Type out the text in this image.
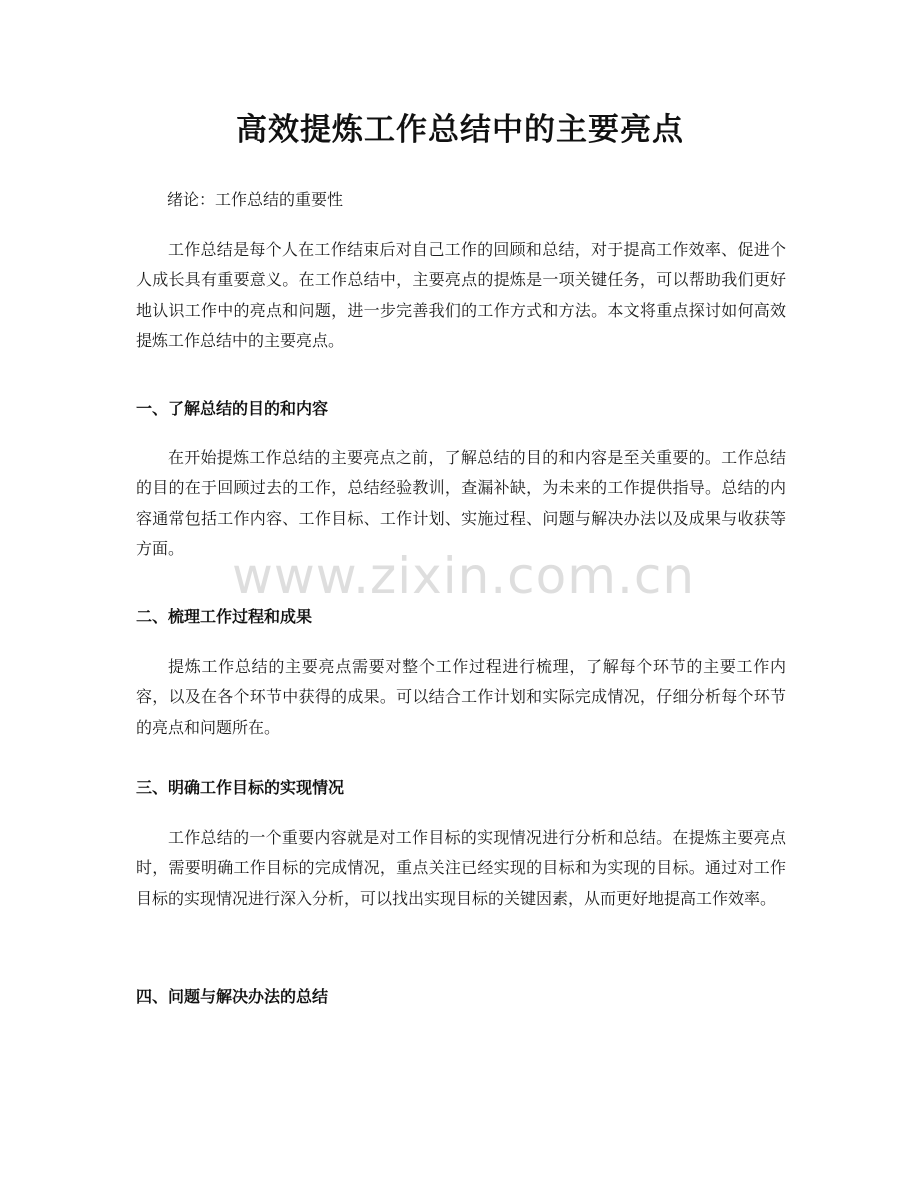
高效提炼工作总结中的主要亮点

绪论：工作总结的重要性

工作总结是每个人在工作结束后对自己工作的回顾和总结，对于提高工作效率、促进个人成长具有重要意义。在工作总结中，主要亮点的提炼是一项关键任务，可以帮助我们更好地认识工作中的亮点和问题，进一步完善我们的工作方式和方法。本文将重点探讨如何高效提炼工作总结中的主要亮点。

一、了解总结的目的和内容

在开始提炼工作总结的主要亮点之前，了解总结的目的和内容是至关重要的。工作总结的目的在于回顾过去的工作，总结经验教训，查漏补缺，为未来的工作提供指导。总结的内容通常包括工作内容、工作目标、工作计划、实施过程、问题与解决办法以及成果与收获等方面。

二、梳理工作过程和成果

提炼工作总结的主要亮点需要对整个工作过程进行梳理，了解每个环节的主要工作内容，以及在各个环节中获得的成果。可以结合工作计划和实际完成情况，仔细分析每个环节的亮点和问题所在。

三、明确工作目标的实现情况

工作总结的一个重要内容就是对工作目标的实现情况进行分析和总结。在提炼主要亮点时，需要明确工作目标的完成情况，重点关注已经实现的目标和为实现的目标。通过对工作目标的实现情况进行深入分析，可以找出实现目标的关键因素，从而更好地提高工作效率。

四、问题与解决办法的总结
www.zixin.com.cn
